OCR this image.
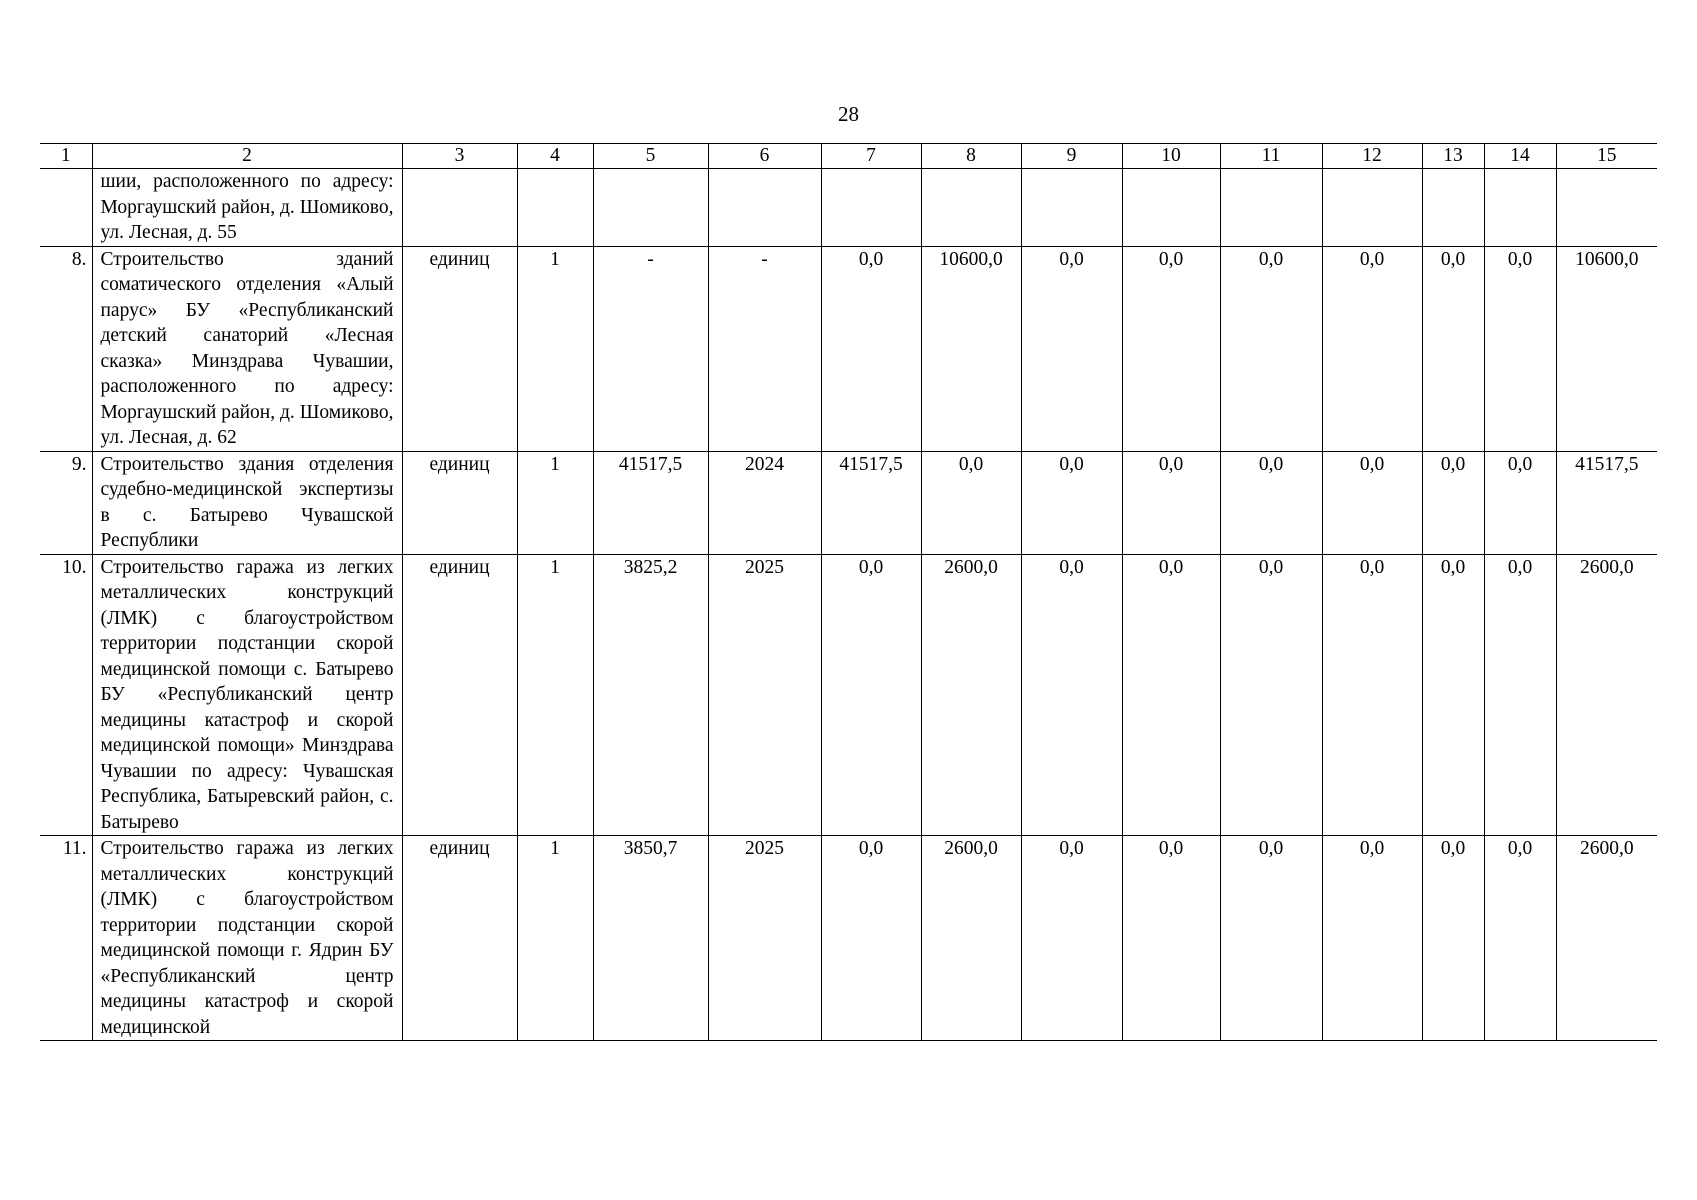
28
1	2	3	4	5	6	7	8	9	10	11	12	13	14	15
	шии, расположенного по адресу: Моргаушский район, д. Шомиково, ул. Лесная, д. 55													
8.	Строительство зданий соматического отделения «Алый парус» БУ «Республиканский детский санаторий «Лесная сказка» Минздрава Чувашии, расположенного по адресу: Моргаушский район, д. Шомиково, ул. Лесная, д. 62	единиц	1	-	-	0,0	10600,0	0,0	0,0	0,0	0,0	0,0	0,0	10600,0
9.	Строительство здания отделения судебно-медицинской экспертизы в с. Батырево Чувашской Республики	единиц	1	41517,5	2024	41517,5	0,0	0,0	0,0	0,0	0,0	0,0	0,0	41517,5
10.	Строительство гаража из легких металлических конструкций (ЛМК) с благоустройством территории подстанции скорой медицинской помощи с. Батырево БУ «Республиканский центр медицины катастроф и скорой медицинской помощи» Минздрава Чувашии по адресу: Чувашская Республика, Батыревский район, с. Батырево	единиц	1	3825,2	2025	0,0	2600,0	0,0	0,0	0,0	0,0	0,0	0,0	2600,0
11.	Строительство гаража из легких металлических конструкций (ЛМК) с благоустройством территории подстанции скорой медицинской помощи г. Ядрин БУ «Республиканский центр медицины катастроф и скорой медицинской	единиц	1	3850,7	2025	0,0	2600,0	0,0	0,0	0,0	0,0	0,0	0,0	2600,0
